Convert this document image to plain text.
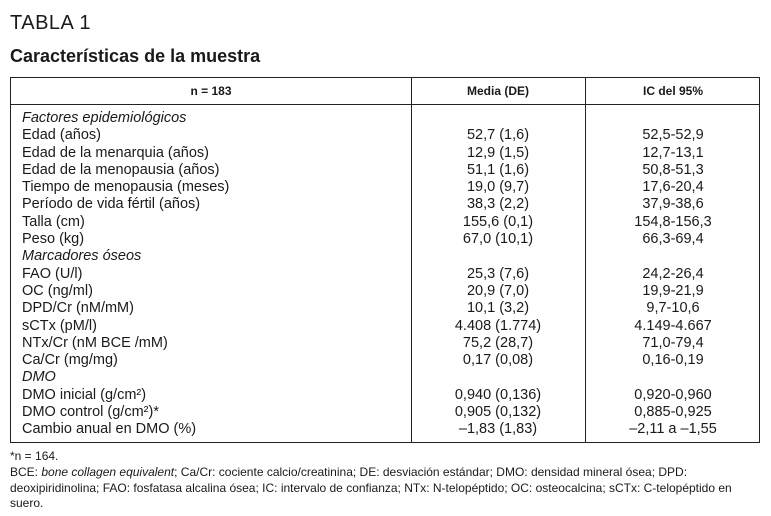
TABLA 1
Características de la muestra
n = 183	Media (DE)	IC del 95%
Factores epidemiológicos
Edad (años)	52,7 (1,6)	52,5-52,9
Edad de la menarquia (años)	12,9 (1,5)	12,7-13,1
Edad de la menopausia (años)	51,1 (1,6)	50,8-51,3
Tiempo de menopausia (meses)	19,0 (9,7)	17,6-20,4
Período de vida fértil (años)	38,3 (2,2)	37,9-38,6
Talla (cm)	155,6 (0,1)	154,8-156,3
Peso (kg)	67,0 (10,1)	66,3-69,4
Marcadores óseos
FAO (U/l)	25,3 (7,6)	24,2-26,4
OC (ng/ml)	20,9 (7,0)	19,9-21,9
DPD/Cr (nM/mM)	10,1 (3,2)	9,7-10,6
sCTx (pM/l)	4.408 (1.774)	4.149-4.667
NTx/Cr (nM BCE /mM)	75,2 (28,7)	71,0-79,4
Ca/Cr (mg/mg)	0,17 (0,08)	0,16-0,19
DMO
DMO inicial (g/cm²)	0,940 (0,136)	0,920-0,960
DMO control (g/cm²)*	0,905 (0,132)	0,885-0,925
Cambio anual en DMO (%)	–1,83 (1,83)	–2,11 a –1,55
*n = 164.
BCE: bone collagen equivalent; Ca/Cr: cociente calcio/creatinina; DE: desviación estándar; DMO: densidad mineral ósea; DPD: deoxipiridinolina; FAO: fosfatasa alcalina ósea; IC: intervalo de confianza; NTx: N-telopéptido; OC: osteocalcina; sCTx: C-telopéptido en suero.
